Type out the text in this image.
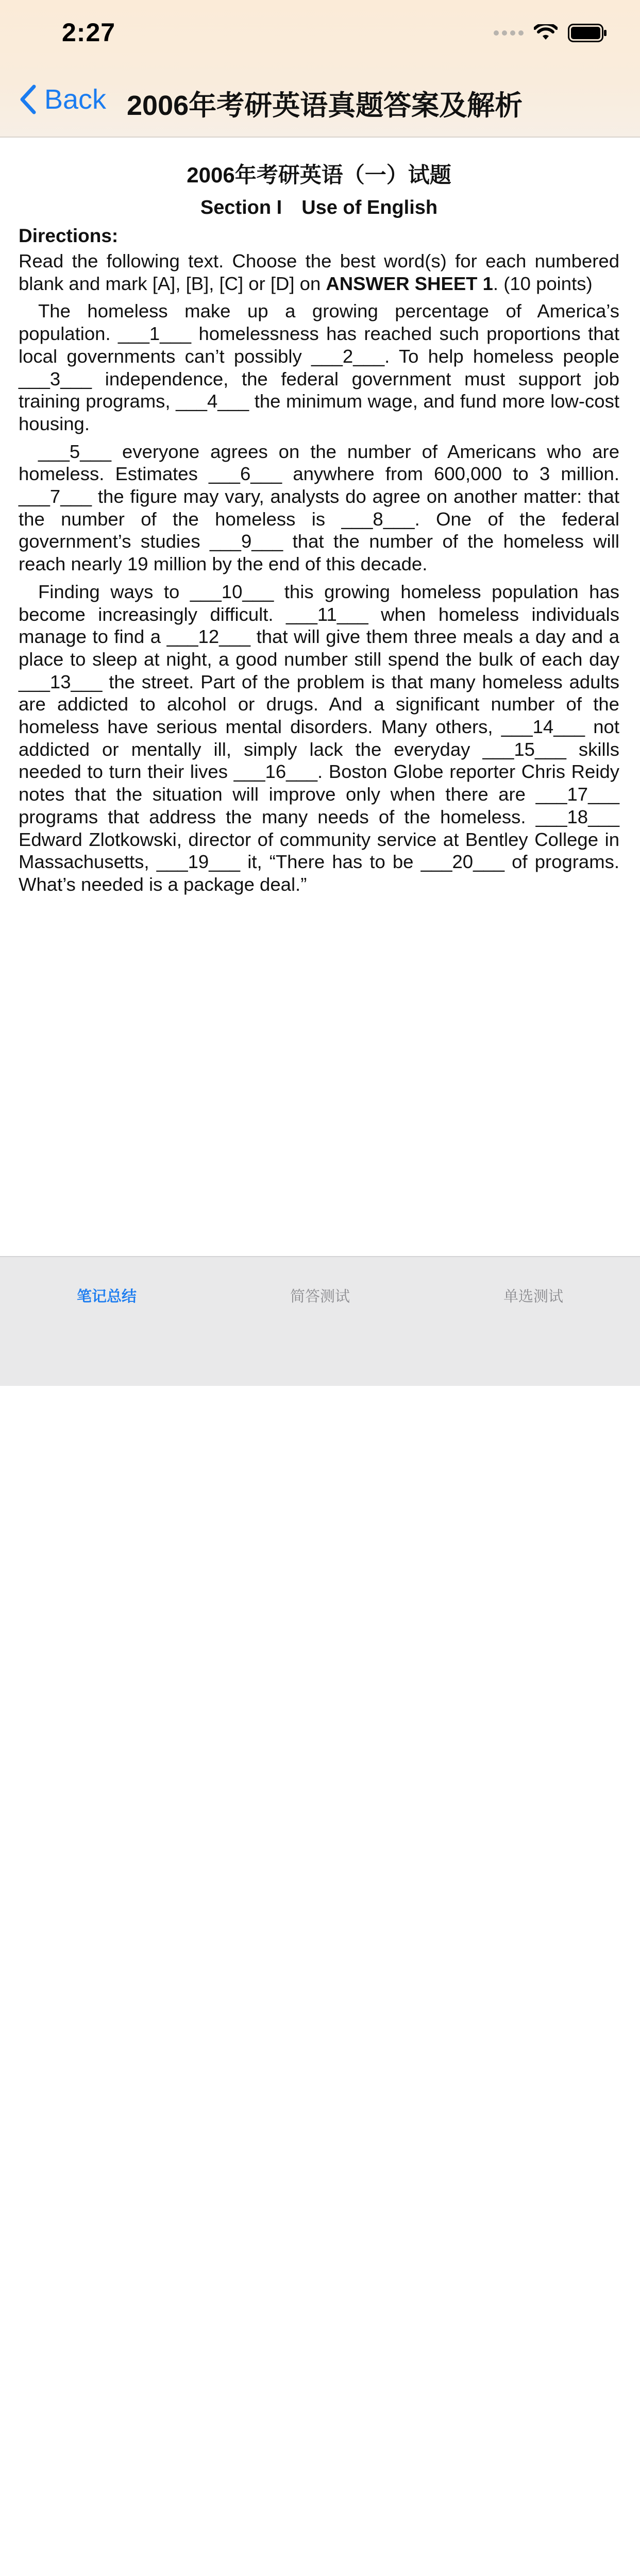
2:27
Back 2006年考研英语真题答案及解析

2006年考研英语（一）试题

Section I　Use of English

Directions:

Read the following text. Choose the best word(s) for each numbered blank and mark [A], [B], [C] or [D] on ANSWER SHEET 1. (10 points)

The homeless make up a growing percentage of America’s population. ___1___ homelessness has reached such proportions that local governments can’t possibly ___2___. To help homeless people ___3___ independence, the federal government must support job training programs, ___4___ the minimum wage, and fund more low-cost housing.

___5___ everyone agrees on the number of Americans who are homeless. Estimates ___6___ anywhere from 600,000 to 3 million. ___7___ the figure may vary, analysts do agree on another matter: that the number of the homeless is ___8___. One of the federal government’s studies ___9___ that the number of the homeless will reach nearly 19 million by the end of this decade.

Finding ways to ___10___ this growing homeless population has become increasingly difficult. ___11___ when homeless individuals manage to find a ___12___ that will give them three meals a day and a place to sleep at night, a good number still spend the bulk of each day ___13___ the street. Part of the problem is that many homeless adults are addicted to alcohol or drugs. And a significant number of the homeless have serious mental disorders. Many others, ___14___ not addicted or mentally ill, simply lack the everyday ___15___ skills needed to turn their lives ___16___. Boston Globe reporter Chris Reidy notes that the situation will improve only when there are ___17___ programs that address the many needs of the homeless. ___18___ Edward Zlotkowski, director of community service at Bentley College in Massachusetts, ___19___ it, “There has to be ___20___ of programs. What’s needed is a package deal.”

笔记总结	简答测试	单选测试
